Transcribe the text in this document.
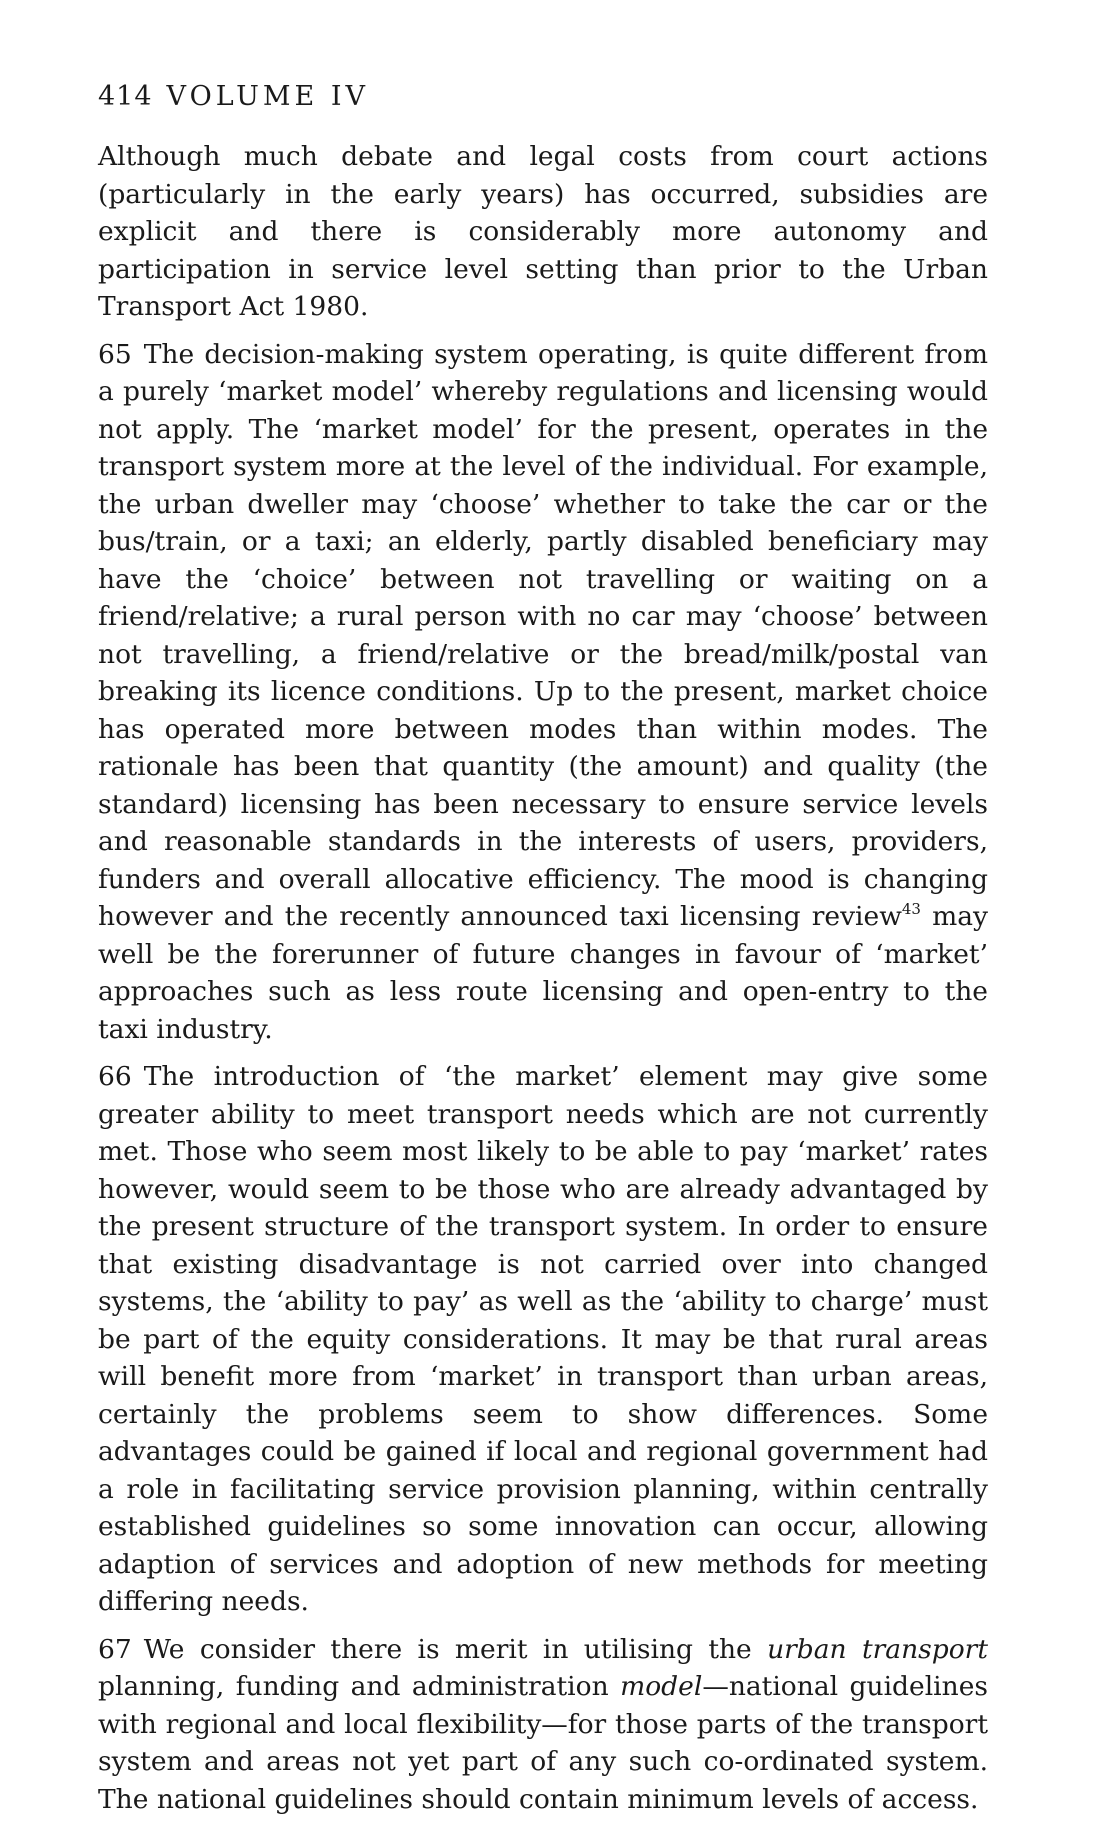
414 VOLUME IV

Although much debate and legal costs from court actions (particularly in the early years) has occurred, subsidies are explicit and there is considerably more autonomy and participation in service level setting than prior to the Urban Transport Act 1980.

65 The decision-making system operating, is quite different from a purely ‘market model’ whereby regulations and licensing would not apply. The ‘market model’ for the present, operates in the transport system more at the level of the individual. For example, the urban dweller may ‘choose’ whether to take the car or the bus/train, or a taxi; an elderly, partly disabled beneficiary may have the ‘choice’ between not travelling or waiting on a friend/relative; a rural person with no car may ‘choose’ between not travelling, a friend/relative or the bread/milk/postal van breaking its licence conditions. Up to the present, market choice has operated more between modes than within modes. The rationale has been that quantity (the amount) and quality (the standard) licensing has been necessary to ensure service levels and reasonable standards in the interests of users, providers, funders and overall allocative efficiency. The mood is changing however and the recently announced taxi licensing review$^{43}$ may well be the forerunner of future changes in favour of ‘market’ approaches such as less route licensing and open-entry to the taxi industry.

66 The introduction of ‘the market’ element may give some greater ability to meet transport needs which are not currently met. Those who seem most likely to be able to pay ‘market’ rates however, would seem to be those who are already advantaged by the present structure of the transport system. In order to ensure that existing disadvantage is not carried over into changed systems, the ‘ability to pay’ as well as the ‘ability to charge’ must be part of the equity considerations. It may be that rural areas will benefit more from ‘market’ in transport than urban areas, certainly the problems seem to show differences. Some advantages could be gained if local and regional government had a role in facilitating service provision planning, within centrally established guidelines so some innovation can occur, allowing adaption of services and adoption of new methods for meeting differing needs.

67 We consider there is merit in utilising the urban transport planning, funding and administration model—national guidelines with regional and local flexibility—for those parts of the transport system and areas not yet part of any such co-ordinated system. The national guidelines should contain minimum levels of access.
